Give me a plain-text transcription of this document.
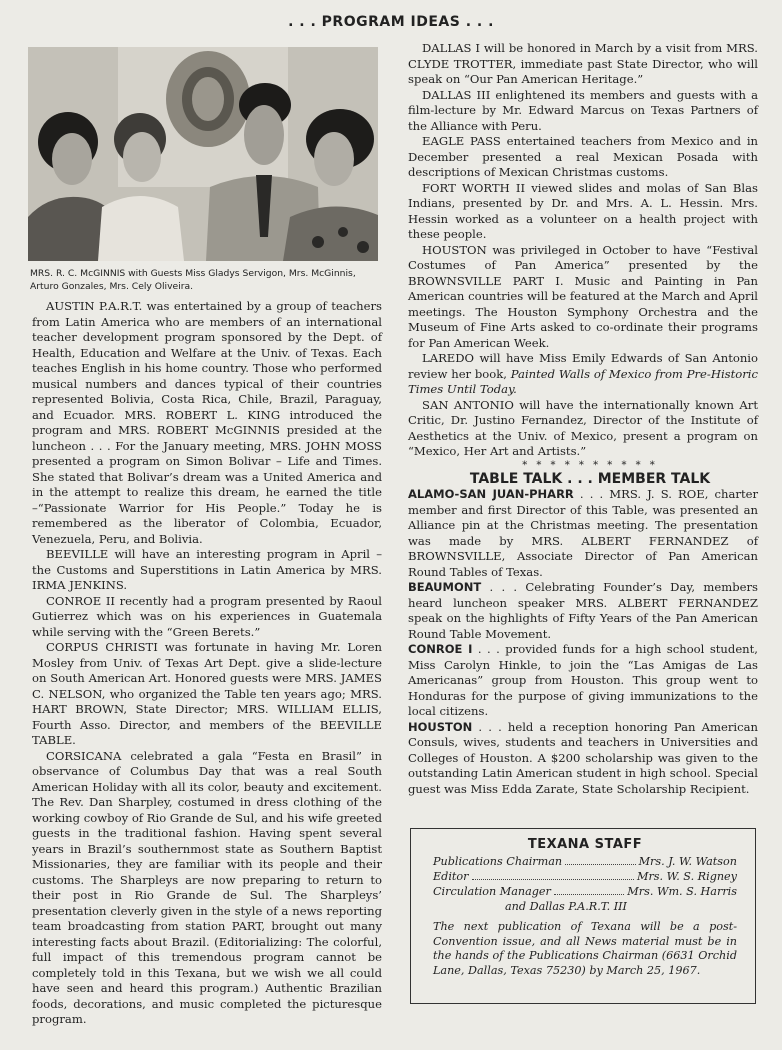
. . . PROGRAM IDEAS . . .
MRS. R. C. McGINNIS with Guests Miss Gladys Servigon, Mrs. McGinnis, Arturo Gonzales, Mrs. Cely Oliveira.

AUSTIN P.A.R.T. was entertained by a group of teachers from Latin America who are members of an international teacher development program sponsored by the Dept. of Health, Education and Welfare at the Univ. of Texas. Each teaches English in his home country. Those who performed musical numbers and dances typical of their countries represented Bolivia, Costa Rica, Chile, Brazil, Paraguay, and Ecuador. MRS. ROBERT L. KING introduced the program and MRS. ROBERT McGINNIS presided at the luncheon . . . For the January meeting, MRS. JOHN MOSS presented a program on Simon Bolivar – Life and Times. She stated that Bolivar’s dream was a United America and in the attempt to realize this dream, he earned the title –“Passionate Warrior for His People.” Today he is remembered as the liberator of Colombia, Ecuador, Venezuela, Peru, and Bolivia.

BEEVILLE will have an interesting program in April – the Customs and Superstitions in Latin America by MRS. IRMA JENKINS.

CONROE II recently had a program presented by Raoul Gutierrez which was on his experiences in Guatemala while serving with the “Green Berets.”

CORPUS CHRISTI was fortunate in having Mr. Loren Mosley from Univ. of Texas Art Dept. give a slide-lecture on South American Art. Honored guests were MRS. JAMES C. NELSON, who organized the Table ten years ago; MRS. HART BROWN, State Director; MRS. WILLIAM ELLIS, Fourth Asso. Director, and members of the BEEVILLE TABLE.

CORSICANA celebrated a gala “Festa en Brasil” in observance of Columbus Day that was a real South American Holiday with all its color, beauty and excitement. The Rev. Dan Sharpley, costumed in dress clothing of the working cowboy of Rio Grande de Sul, and his wife greeted guests in the traditional fashion. Having spent several years in Brazil’s southernmost state as Southern Baptist Missionaries, they are familiar with its people and their customs. The Sharpleys are now preparing to return to their post in Rio Grande de Sul. The Sharpleys’ presentation cleverly given in the style of a news reporting team broadcasting from station PART, brought out many interesting facts about Brazil. (Editorializing: The colorful, full impact of this tremendous program cannot be completely told in this Texana, but we wish we all could have seen and heard this program.) Authentic Brazilian foods, decorations, and music completed the picturesque program.

DALLAS I will be honored in March by a visit from MRS. CLYDE TROTTER, immediate past State Director, who will speak on “Our Pan American Heritage.”

DALLAS III enlightened its members and guests with a film-lecture by Mr. Edward Marcus on Texas Partners of the Alliance with Peru.

EAGLE PASS entertained teachers from Mexico and in December presented a real Mexican Posada with descriptions of Mexican Christmas customs.

FORT WORTH II viewed slides and molas of San Blas Indians, presented by Dr. and Mrs. A. L. Hessin. Mrs. Hessin worked as a volunteer on a health project with these people.

HOUSTON was privileged in October to have “Festival Costumes of Pan America” presented by the BROWNSVILLE PART I. Music and Painting in Pan American countries will be featured at the March and April meetings. The Houston Symphony Orchestra and the Museum of Fine Arts asked to co-ordinate their programs for Pan American Week.

LAREDO will have Miss Emily Edwards of San Antonio review her book, Painted Walls of Mexico from Pre-Historic Times Until Today.

SAN ANTONIO will have the internationally known Art Critic, Dr. Justino Fernandez, Director of the Institute of Aesthetics at the Univ. of Mexico, present a program on “Mexico, Her Art and Artists.”

* * * * * * * * * *

TABLE TALK . . . MEMBER TALK

ALAMO-SAN JUAN-PHARR . . . MRS. J. S. ROE, charter member and first Director of this Table, was presented an Alliance pin at the Christmas meeting. The presentation was made by MRS. ALBERT FERNANDEZ of BROWNSVILLE, Associate Director of Pan American Round Tables of Texas.

BEAUMONT . . . Celebrating Founder’s Day, members heard luncheon speaker MRS. ALBERT FERNANDEZ speak on the highlights of Fifty Years of the Pan American Round Table Movement.

CONROE I . . . provided funds for a high school student, Miss Carolyn Hinkle, to join the “Las Amigas de Las Americanas” group from Houston. This group went to Honduras for the purpose of giving immunizations to the local citizens.

HOUSTON . . . held a reception honoring Pan American Consuls, wives, students and teachers in Universities and Colleges of Houston. A $200 scholarship was given to the outstanding Latin American student in high school. Special guest was Miss Edda Zarate, State Scholarship Recipient.

TEXANA STAFF
Publications Chairman	Mrs. J. W. Watson
Editor	Mrs. W. S. Rigney
Circulation Manager	Mrs. Wm. S. Harris
and Dallas P.A.R.T. III
The next publication of Texana will be a post-Convention issue, and all News material must be in the hands of the Publications Chairman (6631 Orchid Lane, Dallas, Texas 75230) by March 25, 1967.
